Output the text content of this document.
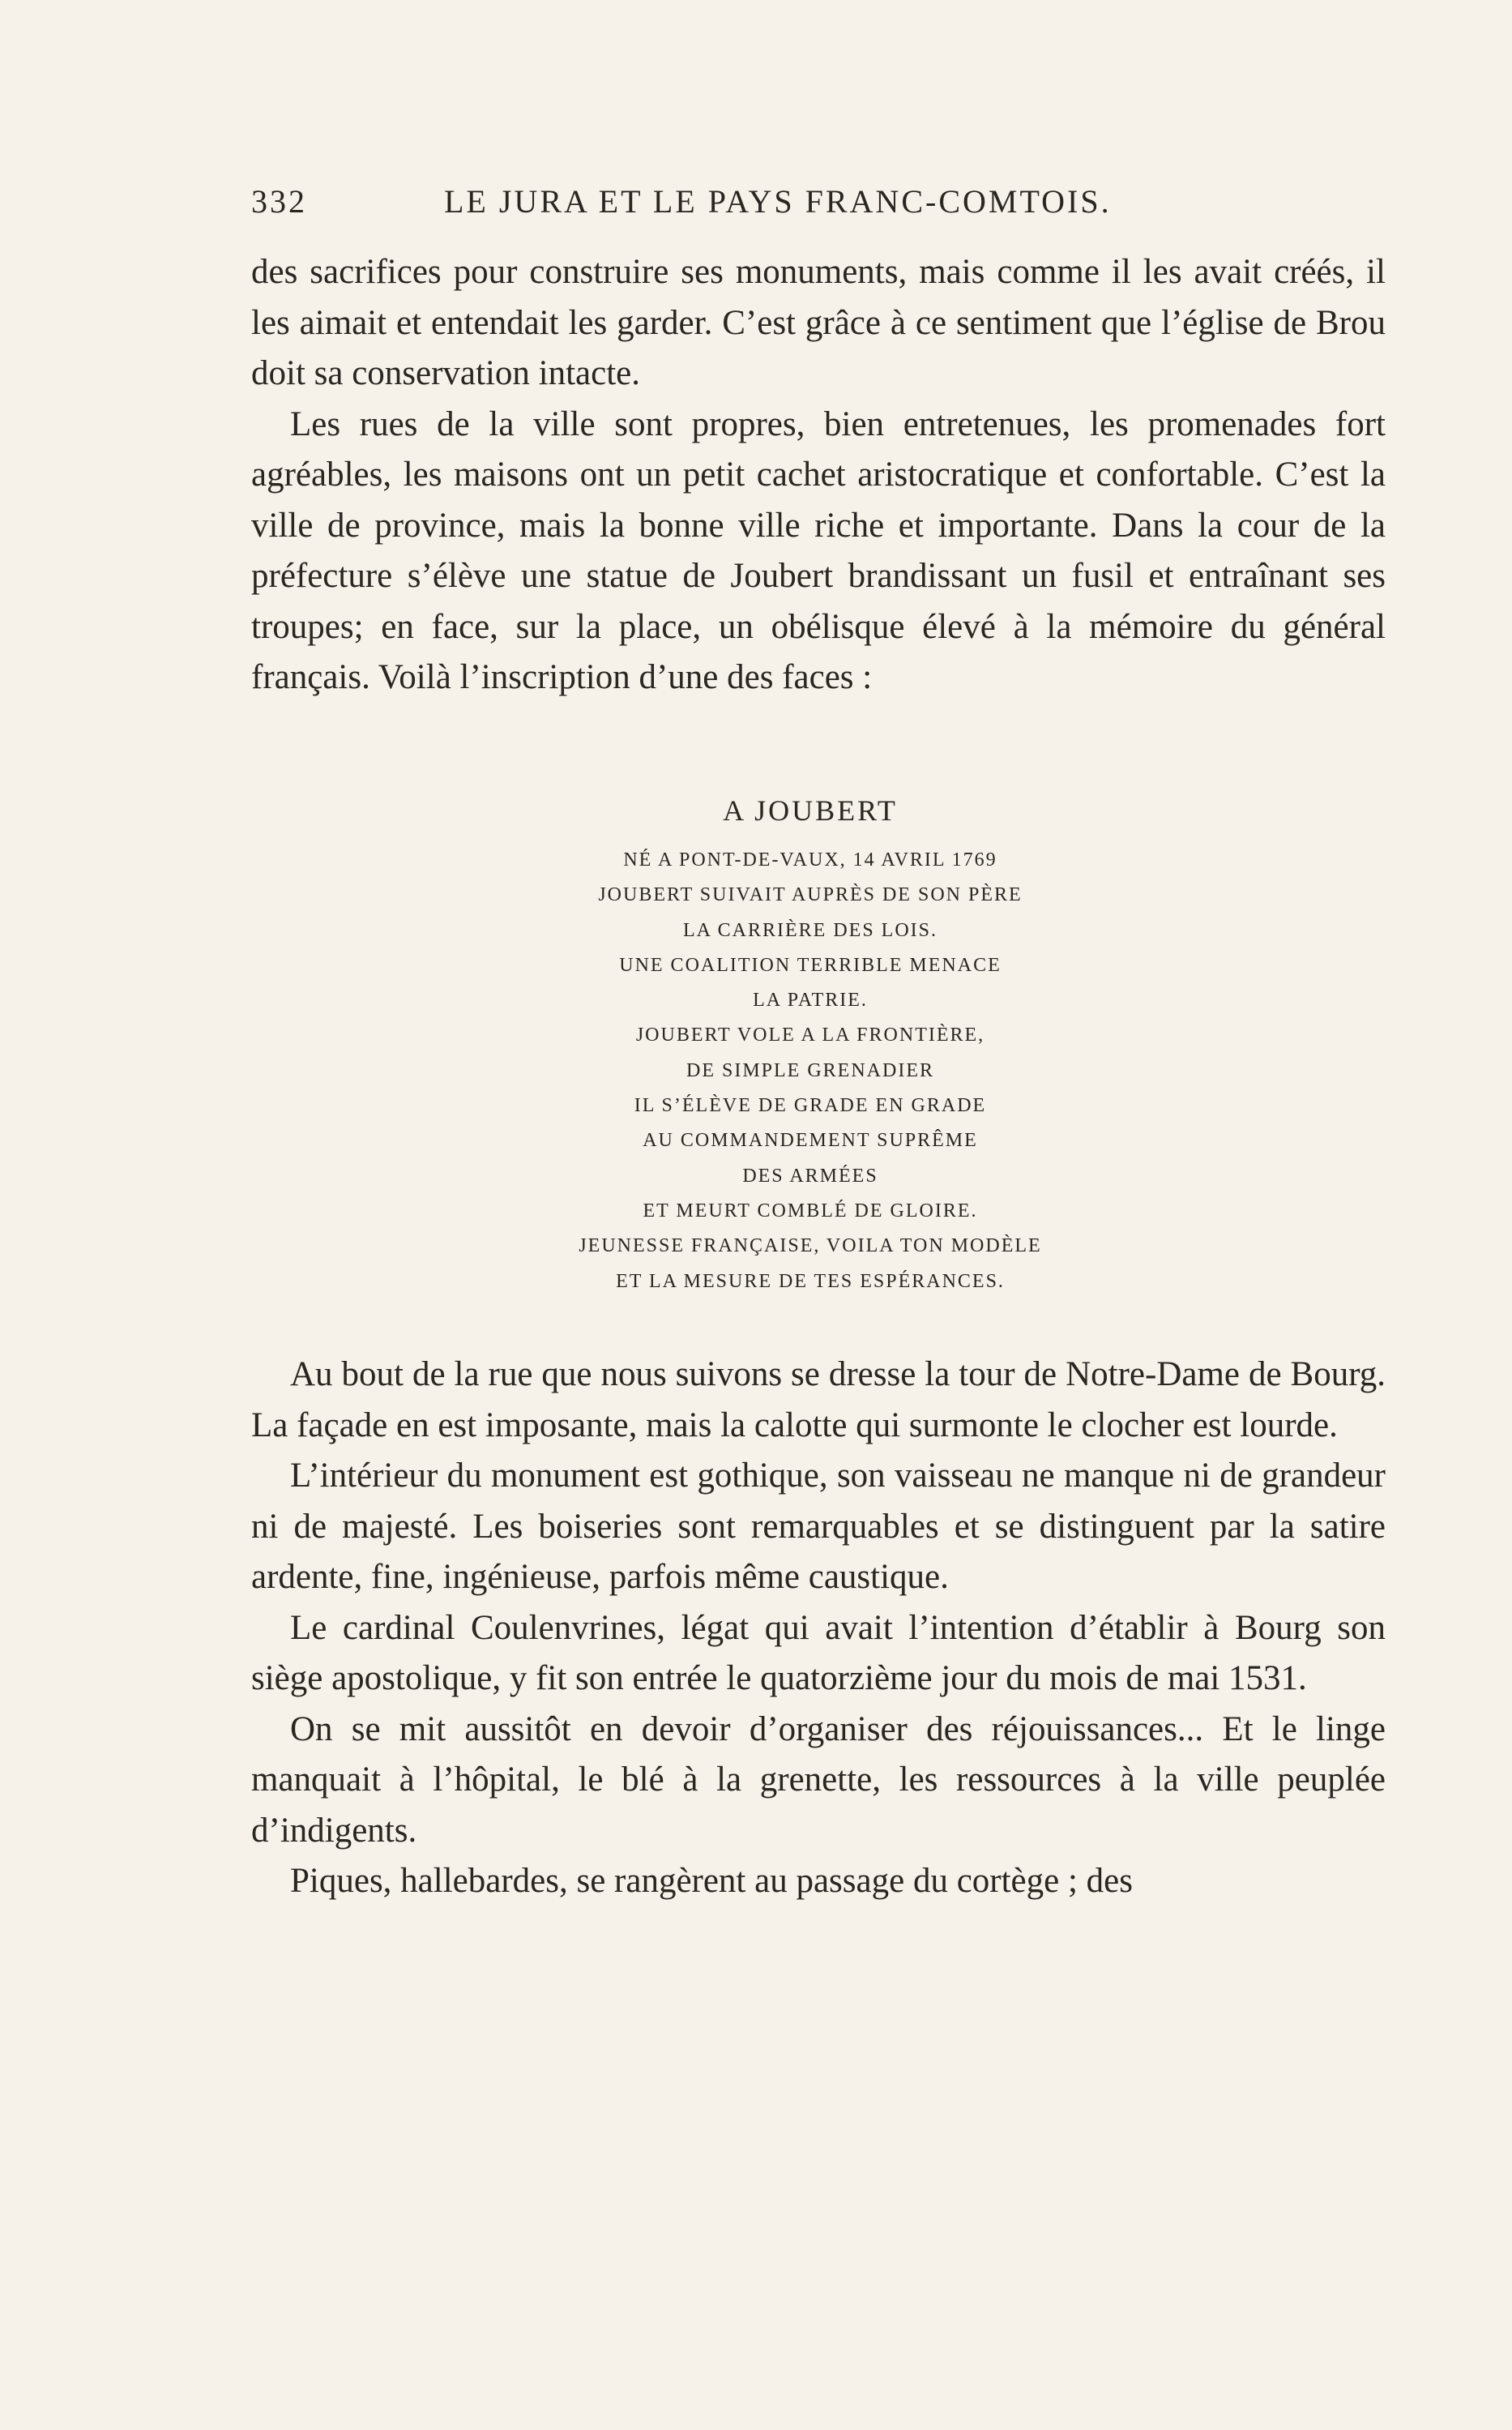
332	LE JURA ET LE PAYS FRANC-COMTOIS.

des sacrifices pour construire ses monuments, mais comme il les avait créés, il les aimait et entendait les garder. C’est grâce à ce sentiment que l’église de Brou doit sa conservation intacte.

Les rues de la ville sont propres, bien entretenues, les promenades fort agréables, les maisons ont un petit cachet aristocratique et confortable. C’est la ville de province, mais la bonne ville riche et importante. Dans la cour de la préfecture s’élève une statue de Joubert brandissant un fusil et entraînant ses troupes; en face, sur la place, un obélisque élevé à la mémoire du général français. Voilà l’inscription d’une des faces :

A JOUBERT
NÉ A PONT-DE-VAUX, 14 AVRIL 1769
JOUBERT SUIVAIT AUPRÈS DE SON PÈRE
LA CARRIÈRE DES LOIS.
UNE COALITION TERRIBLE MENACE
LA PATRIE.
JOUBERT VOLE A LA FRONTIÈRE,
DE SIMPLE GRENADIER
IL S’ÉLÈVE DE GRADE EN GRADE
AU COMMANDEMENT SUPRÊME
DES ARMÉES
ET MEURT COMBLÉ DE GLOIRE.
JEUNESSE FRANÇAISE, VOILA TON MODÈLE
ET LA MESURE DE TES ESPÉRANCES.

Au bout de la rue que nous suivons se dresse la tour de Notre-Dame de Bourg. La façade en est imposante, mais la calotte qui surmonte le clocher est lourde.

L’intérieur du monument est gothique, son vaisseau ne manque ni de grandeur ni de majesté. Les boiseries sont remarquables et se distinguent par la satire ardente, fine, ingénieuse, parfois même caustique.

Le cardinal Coulenvrines, légat qui avait l’intention d’établir à Bourg son siège apostolique, y fit son entrée le quatorzième jour du mois de mai 1531.

On se mit aussitôt en devoir d’organiser des réjouissances... Et le linge manquait à l’hôpital, le blé à la grenette, les ressources à la ville peuplée d’indigents.

Piques, hallebardes, se rangèrent au passage du cortège ; des
